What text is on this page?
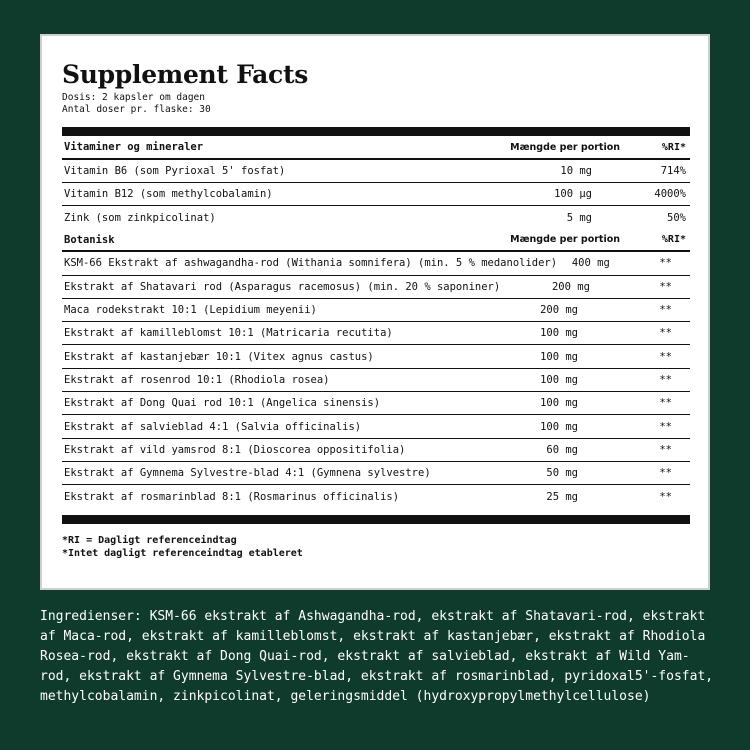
Supplement Facts
Dosis: 2 kapsler om dagen
Antal doser pr. flaske: 30
Vitaminer og mineraler	Mængde per portion	%RI*
Vitamin B6 (som Pyrioxal 5' fosfat)	10 mg	714%
Vitamin B12 (som methylcobalamin)	100 µg	4000%
Zink (som zinkpicolinat)	5 mg	50%
Botanisk	Mængde per portion	%RI*
KSM-66 Ekstrakt af ashwagandha-rod (Withania somnifera) (min. 5 % medanolider)	400 mg	**
Ekstrakt af Shatavari rod (Asparagus racemosus) (min. 20 % saponiner)	200 mg	**
Maca rodekstrakt 10:1 (Lepidium meyenii)	200 mg	**
Ekstrakt af kamilleblomst 10:1 (Matricaria recutita)	100 mg	**
Ekstrakt af kastanjebær 10:1 (Vitex agnus castus)	100 mg	**
Ekstrakt af rosenrod 10:1 (Rhodiola rosea)	100 mg	**
Ekstrakt af Dong Quai rod 10:1 (Angelica sinensis)	100 mg	**
Ekstrakt af salvieblad 4:1 (Salvia officinalis)	100 mg	**
Ekstrakt af vild yamsrod 8:1 (Dioscorea oppositifolia)	60 mg	**
Ekstrakt af Gymnema Sylvestre-blad 4:1 (Gymnena sylvestre)	50 mg	**
Ekstrakt af rosmarinblad 8:1 (Rosmarinus officinalis)	25 mg	**
*RI = Dagligt referenceindtag
*Intet dagligt referenceindtag etableret
Ingredienser: KSM-66 ekstrakt af Ashwagandha-rod, ekstrakt af Shatavari-rod, ekstrakt af Maca-rod, ekstrakt af kamilleblomst, ekstrakt af kastanjebær, ekstrakt af Rhodiola Rosea-rod, ekstrakt af Dong Quai-rod, ekstrakt af salvieblad, ekstrakt af Wild Yam-rod, ekstrakt af Gymnema Sylvestre-blad, ekstrakt af rosmarinblad, pyridoxal5'-fosfat, methylcobalamin, zinkpicolinat, geleringsmiddel (hydroxypropylmethylcellulose)
